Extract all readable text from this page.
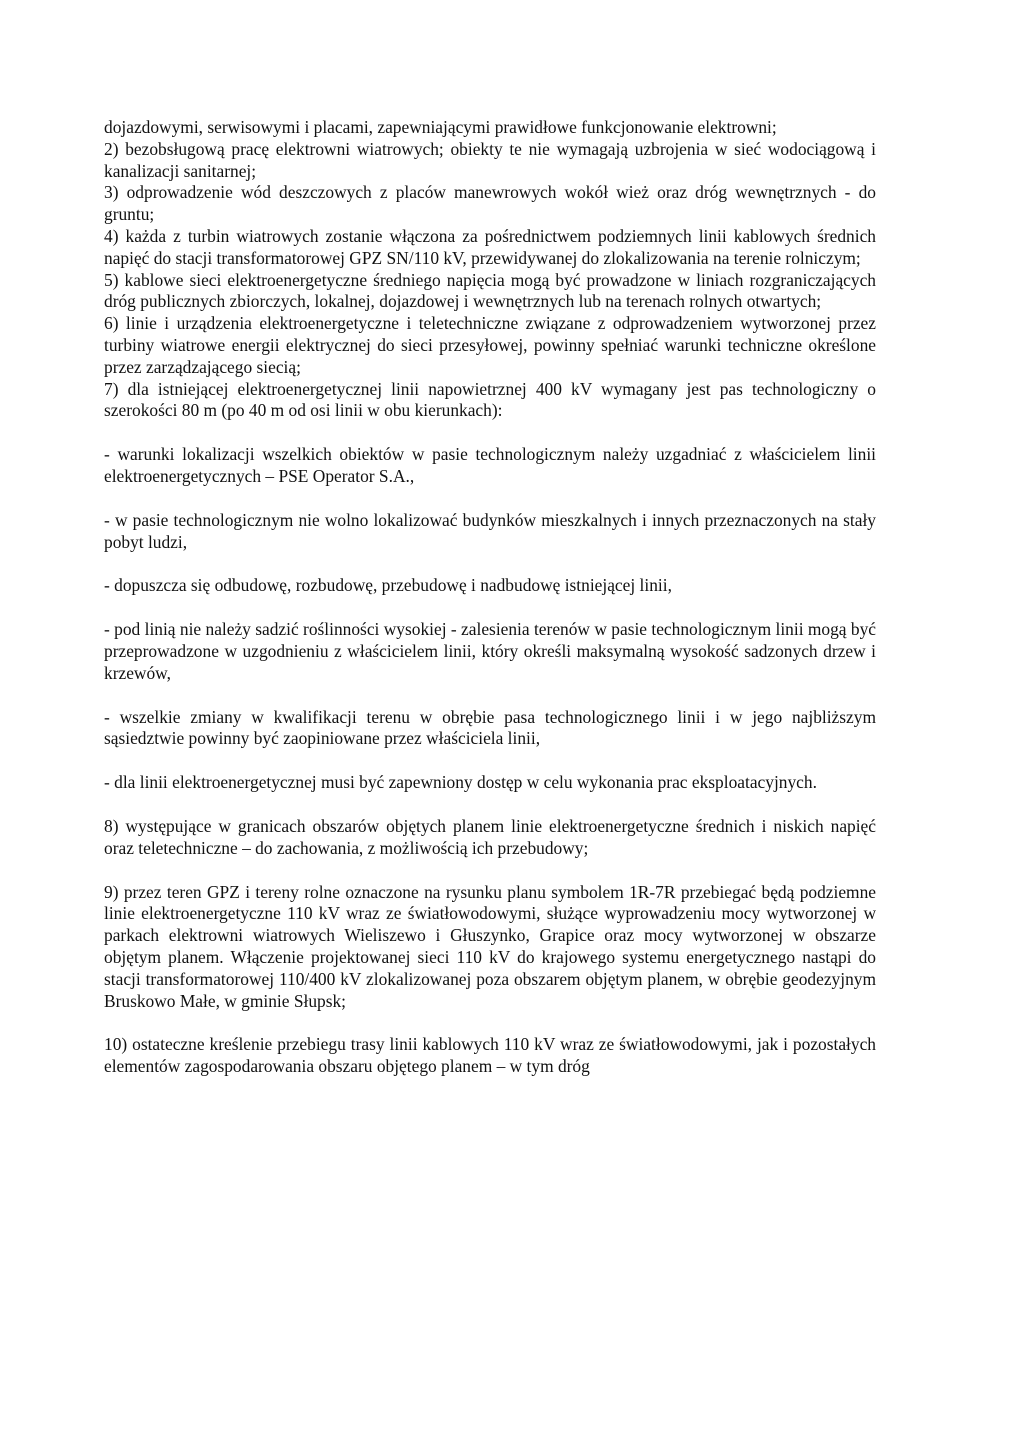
dojazdowymi, serwisowymi i placami, zapewniającymi prawidłowe funkcjonowanie elektrowni;

2) bezobsługową pracę elektrowni wiatrowych; obiekty te nie wymagają uzbrojenia w sieć wodociągową i kanalizacji sanitarnej;

3) odprowadzenie wód deszczowych z placów manewrowych wokół wież oraz dróg wewnętrznych - do gruntu;

4) każda z turbin wiatrowych zostanie włączona za pośrednictwem podziemnych linii kablowych średnich napięć do stacji transformatorowej GPZ SN/110 kV, przewidywanej do zlokalizowania na terenie rolniczym;

5) kablowe sieci elektroenergetyczne średniego napięcia mogą być prowadzone w liniach rozgraniczających dróg publicznych zbiorczych, lokalnej, dojazdowej i wewnętrznych lub na terenach rolnych otwartych;

6) linie i urządzenia elektroenergetyczne i teletechniczne związane z odprowadzeniem wytworzonej przez turbiny wiatrowe energii elektrycznej do sieci przesyłowej, powinny spełniać warunki techniczne określone przez zarządzającego siecią;

7) dla istniejącej elektroenergetycznej linii napowietrznej 400 kV wymagany jest pas technologiczny o szerokości 80 m (po 40 m od osi linii w obu kierunkach):

- warunki lokalizacji wszelkich obiektów w pasie technologicznym należy uzgadniać z właścicielem linii elektroenergetycznych – PSE Operator S.A.,

- w pasie technologicznym nie wolno lokalizować budynków mieszkalnych i innych przeznaczonych na stały pobyt ludzi,

- dopuszcza się odbudowę, rozbudowę, przebudowę i nadbudowę istniejącej linii,

- pod linią nie należy sadzić roślinności wysokiej - zalesienia terenów w pasie technologicznym linii mogą być przeprowadzone w uzgodnieniu z właścicielem linii, który określi maksymalną wysokość sadzonych drzew i krzewów,

- wszelkie zmiany w kwalifikacji terenu w obrębie pasa technologicznego linii i w jego najbliższym sąsiedztwie powinny być zaopiniowane przez właściciela linii,

- dla linii elektroenergetycznej musi być zapewniony dostęp w celu wykonania prac eksploatacyjnych.

8) występujące w granicach obszarów objętych planem linie elektroenergetyczne średnich i niskich napięć oraz teletechniczne – do zachowania, z możliwością ich przebudowy;

9) przez teren GPZ i tereny rolne oznaczone na rysunku planu symbolem 1R-7R przebiegać będą podziemne linie elektroenergetyczne 110 kV wraz ze światłowodowymi, służące wyprowadzeniu mocy wytworzonej w parkach elektrowni wiatrowych Wieliszewo i Głuszynko, Grapice oraz mocy wytworzonej w obszarze objętym planem. Włączenie projektowanej sieci 110 kV do krajowego systemu energetycznego nastąpi do stacji transformatorowej 110/400 kV zlokalizowanej poza obszarem objętym planem, w obrębie geodezyjnym Bruskowo Małe, w gminie Słupsk;

10) ostateczne kreślenie przebiegu trasy linii kablowych 110 kV wraz ze światłowodowymi, jak i pozostałych elementów zagospodarowania obszaru objętego planem – w tym dróg
